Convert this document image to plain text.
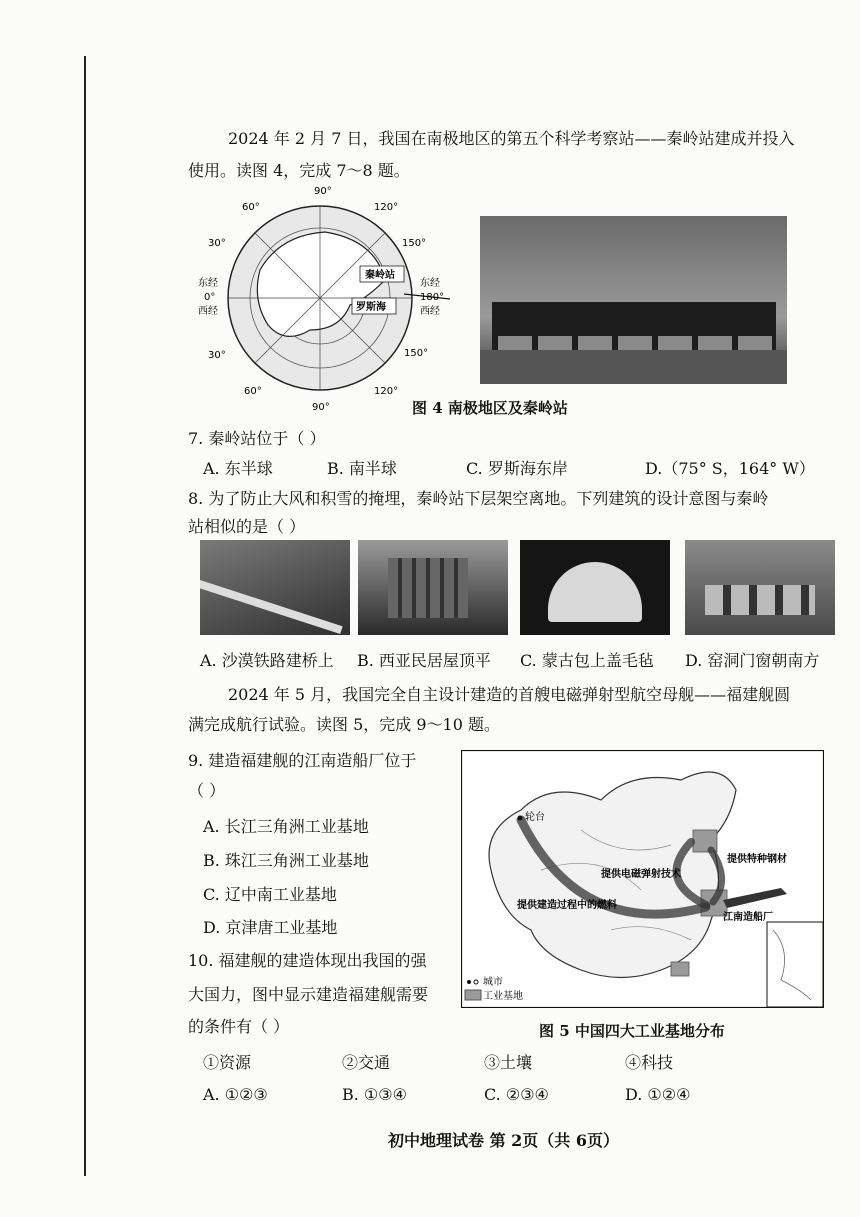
2024 年 2 月 7 日，我国在南极地区的第五个科学考察站——秦岭站建成并投入
使用。读图 4，完成 7～8 题。
90°
60°	120°
30°	150°
东经
0°
西经
东经
180°
西经
30°	150°
60°
90°
120°
秦岭站
罗斯海
图 4 南极地区及秦岭站
7. 秦岭站位于（ ）
A. 东半球	B. 南半球	C. 罗斯海东岸	D.（75° S，164° W）
8. 为了防止大风和积雪的掩埋，秦岭站下层架空离地。下列建筑的设计意图与秦岭
站相似的是（ ）
A. 沙漠铁路建桥上 B. 西亚民居屋顶平 C. 蒙古包上盖毛毡 D. 窑洞门窗朝南方
2024 年 5 月，我国完全自主设计建造的首艘电磁弹射型航空母舰——福建舰圆
满完成航行试验。读图 5，完成 9～10 题。
9. 建造福建舰的江南造船厂位于
（ ）
A. 长江三角洲工业基地
B. 珠江三角洲工业基地
C. 辽中南工业基地
D. 京津唐工业基地
10. 福建舰的建造体现出我国的强
大国力，图中显示建造福建舰需要
的条件有（ ）
①资源	②交通	③土壤	④科技
A. ①②③	B. ①③④	C. ②③④	D. ①②④
轮台
提供特种钢材
提供电磁弹射技术
提供建造过程中的燃料
江南造船厂
城市
工业基地
图 5 中国四大工业基地分布
初中地理试卷 第 2页（共 6页）
